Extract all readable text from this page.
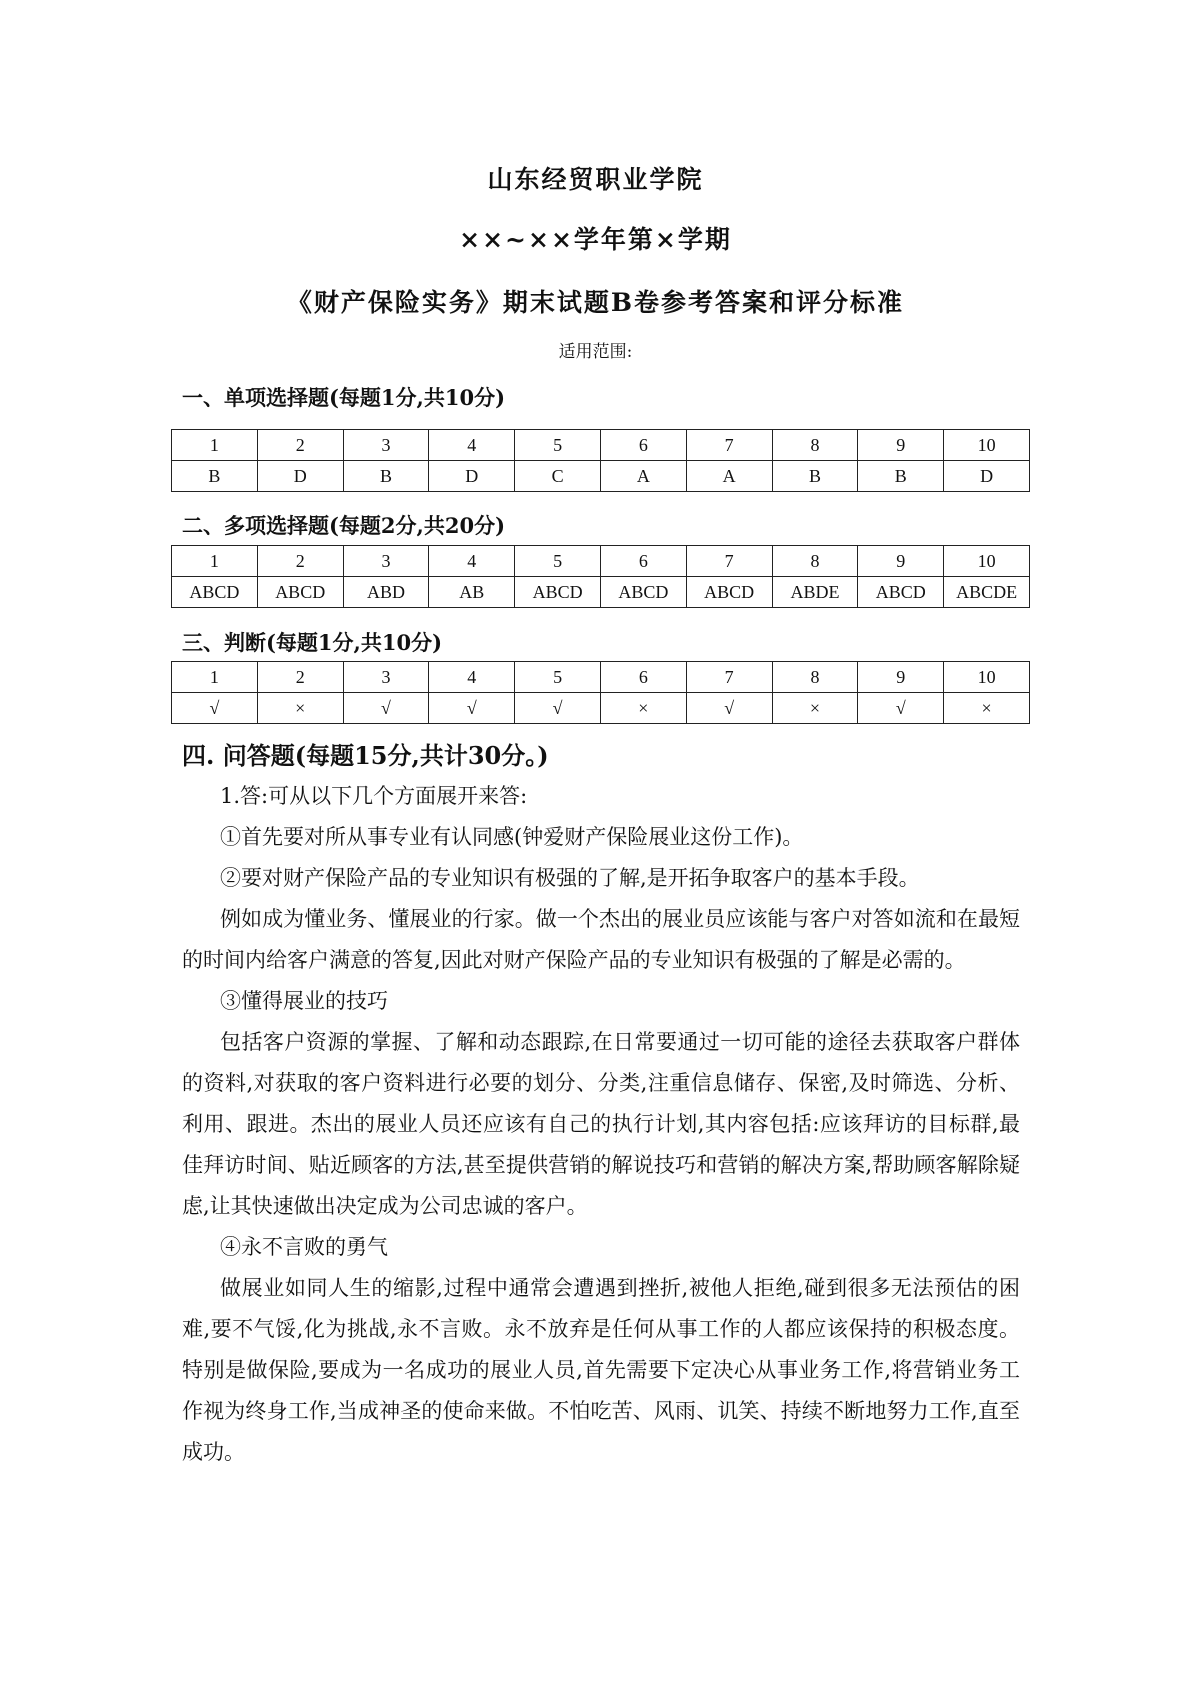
山东经贸职业学院
××~××学年第×学期
《财产保险实务》期末试题B卷参考答案和评分标准
适用范围:
一、单项选择题(每题1分,共10分)
1	2	3	4	5	6	7	8	9	10
B	D	B	D	C	A	A	B	B	D
二、多项选择题(每题2分,共20分)
1	2	3	4	5	6	7	8	9	10
ABCD	ABCD	ABD	AB	ABCD	ABCD	ABCD	ABDE	ABCD	ABCDE
三、判断(每题1分,共10分)
1	2	3	4	5	6	7	8	9	10
√	×	√	√	√	×	√	×	√	×
四. 问答题(每题15分,共计30分。)

1.答:可从以下几个方面展开来答:

①首先要对所从事专业有认同感(钟爱财产保险展业这份工作)。

②要对财产保险产品的专业知识有极强的了解,是开拓争取客户的基本手段。

例如成为懂业务、懂展业的行家。做一个杰出的展业员应该能与客户对答如流和在最短的时间内给客户满意的答复,因此对财产保险产品的专业知识有极强的了解是必需的。

③懂得展业的技巧

包括客户资源的掌握、了解和动态跟踪,在日常要通过一切可能的途径去获取客户群体的资料,对获取的客户资料进行必要的划分、分类,注重信息储存、保密,及时筛选、分析、利用、跟进。杰出的展业人员还应该有自己的执行计划,其内容包括:应该拜访的目标群,最佳拜访时间、贴近顾客的方法,甚至提供营销的解说技巧和营销的解决方案,帮助顾客解除疑虑,让其快速做出决定成为公司忠诚的客户。

④永不言败的勇气

做展业如同人生的缩影,过程中通常会遭遇到挫折,被他人拒绝,碰到很多无法预估的困难,要不气馁,化为挑战,永不言败。永不放弃是任何从事工作的人都应该保持的积极态度。特别是做保险,要成为一名成功的展业人员,首先需要下定决心从事业务工作,将营销业务工作视为终身工作,当成神圣的使命来做。不怕吃苦、风雨、讥笑、持续不断地努力工作,直至成功。
